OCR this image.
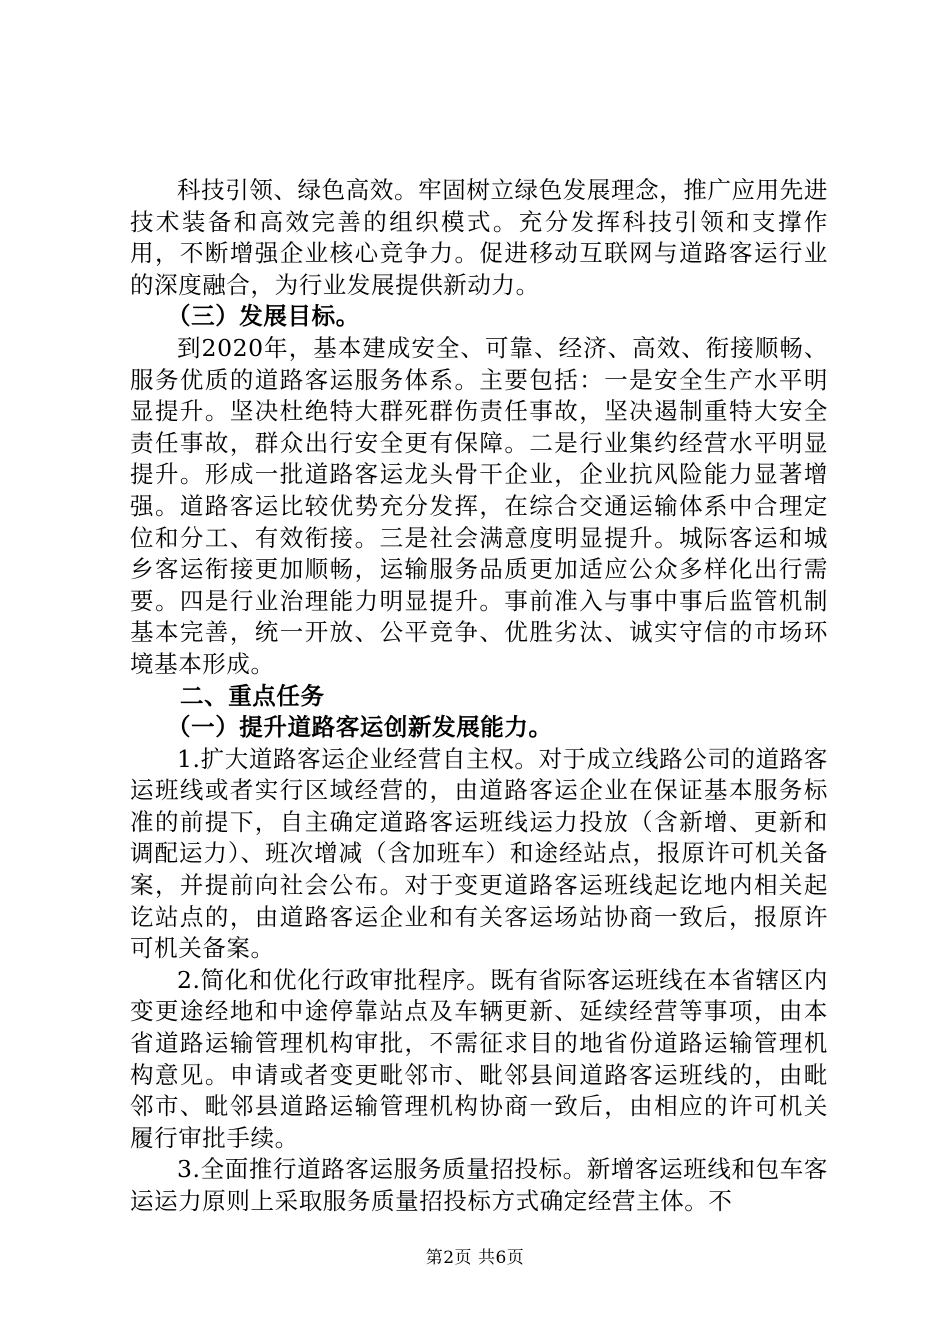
科技引领、绿色高效。牢固树立绿色发展理念，推广应用先进技术装备和高效完善的组织模式。充分发挥科技引领和支撑作用，不断增强企业核心竞争力。促进移动互联网与道路客运行业的深度融合，为行业发展提供新动力。

（三）发展目标。

到2020年，基本建成安全、可靠、经济、高效、衔接顺畅、服务优质的道路客运服务体系。主要包括：一是安全生产水平明显提升。坚决杜绝特大群死群伤责任事故，坚决遏制重特大安全责任事故，群众出行安全更有保障。二是行业集约经营水平明显提升。形成一批道路客运龙头骨干企业，企业抗风险能力显著增强。道路客运比较优势充分发挥，在综合交通运输体系中合理定位和分工、有效衔接。三是社会满意度明显提升。城际客运和城乡客运衔接更加顺畅，运输服务品质更加适应公众多样化出行需要。四是行业治理能力明显提升。事前准入与事中事后监管机制基本完善，统一开放、公平竞争、优胜劣汰、诚实守信的市场环境基本形成。

二、重点任务

（一）提升道路客运创新发展能力。

1.扩大道路客运企业经营自主权。对于成立线路公司的道路客运班线或者实行区域经营的，由道路客运企业在保证基本服务标准的前提下，自主确定道路客运班线运力投放（含新增、更新和调配运力）、班次增减（含加班车）和途经站点，报原许可机关备案，并提前向社会公布。对于变更道路客运班线起讫地内相关起讫站点的，由道路客运企业和有关客运场站协商一致后，报原许可机关备案。

2.简化和优化行政审批程序。既有省际客运班线在本省辖区内变更途经地和中途停靠站点及车辆更新、延续经营等事项，由本省道路运输管理机构审批，不需征求目的地省份道路运输管理机构意见。申请或者变更毗邻市、毗邻县间道路客运班线的，由毗邻市、毗邻县道路运输管理机构协商一致后，由相应的许可机关履行审批手续。

3.全面推行道路客运服务质量招投标。新增客运班线和包车客运运力原则上采取服务质量招投标方式确定经营主体。不

第2页 共6页
